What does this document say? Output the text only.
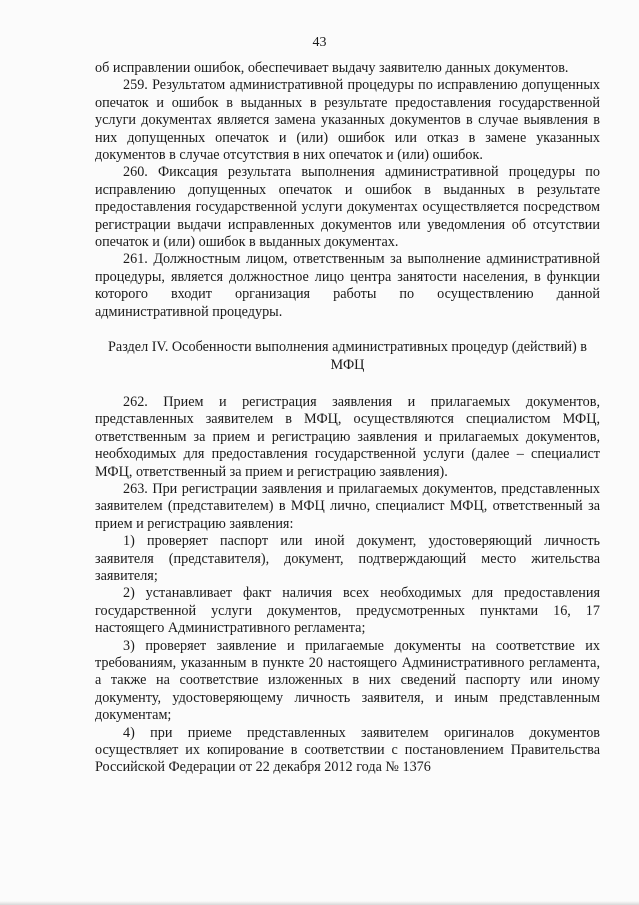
43

об исправлении ошибок, обеспечивает выдачу заявителю данных документов.

259. Результатом административной процедуры по исправлению допущенных опечаток и ошибок в выданных в результате предоставления государственной услуги документах является замена указанных документов в случае выявления в них допущенных опечаток и (или) ошибок или отказ в замене указанных документов в случае отсутствия в них опечаток и (или) ошибок.

260. Фиксация результата выполнения административной процедуры по исправлению допущенных опечаток и ошибок в выданных в результате предоставления государственной услуги документах осуществляется посредством регистрации выдачи исправленных документов или уведомления об отсутствии опечаток и (или) ошибок в выданных документах.

261. Должностным лицом, ответственным за выполнение административной процедуры, является должностное лицо центра занятости населения, в функции которого входит организация работы по осуществлению данной административной процедуры.

Раздел IV. Особенности выполнения административных процедур (действий) в МФЦ

262. Прием и регистрация заявления и прилагаемых документов, представленных заявителем в МФЦ, осуществляются специалистом МФЦ, ответственным за прием и регистрацию заявления и прилагаемых документов, необходимых для предоставления государственной услуги (далее – специалист МФЦ, ответственный за прием и регистрацию заявления).

263. При регистрации заявления и прилагаемых документов, представленных заявителем (представителем) в МФЦ лично, специалист МФЦ, ответственный за прием и регистрацию заявления:

1) проверяет паспорт или иной документ, удостоверяющий личность заявителя (представителя), документ, подтверждающий место жительства заявителя;

2) устанавливает факт наличия всех необходимых для предоставления государственной услуги документов, предусмотренных пунктами 16, 17 настоящего Административного регламента;

3) проверяет заявление и прилагаемые документы на соответствие их требованиям, указанным в пункте 20 настоящего Административного регламента, а также на соответствие изложенных в них сведений паспорту или иному документу, удостоверяющему личность заявителя, и иным представленным документам;

4) при приеме представленных заявителем оригиналов документов осуществляет их копирование в соответствии с постановлением Правительства Российской Федерации от 22 декабря 2012 года № 1376
